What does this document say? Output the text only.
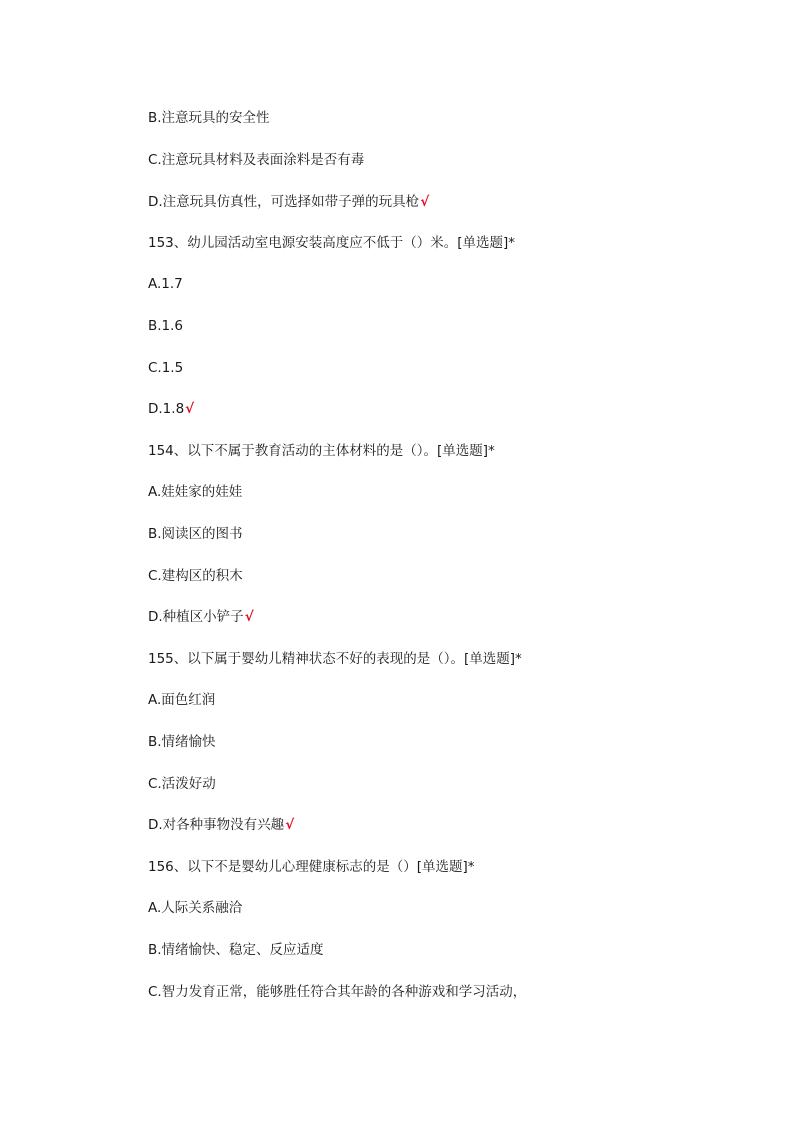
B.注意玩具的安全性
C.注意玩具材料及表面涂料是否有毒
D.注意玩具仿真性，可选择如带子弹的玩具枪√
153、幼儿园活动室电源安装高度应不低于（）米。[单选题]*
A.1.7
B.1.6
C.1.5
D.1.8√
154、以下不属于教育活动的主体材料的是（）。[单选题]*
A.娃娃家的娃娃
B.阅读区的图书
C.建构区的积木
D.种植区小铲子√
155、以下属于婴幼儿精神状态不好的表现的是（）。[单选题]*
A.面色红润
B.情绪愉快
C.活泼好动
D.对各种事物没有兴趣√
156、以下不是婴幼儿心理健康标志的是（）[单选题]*
A.人际关系融洽
B.情绪愉快、稳定、反应适度
C.智力发育正常，能够胜任符合其年龄的各种游戏和学习活动，
